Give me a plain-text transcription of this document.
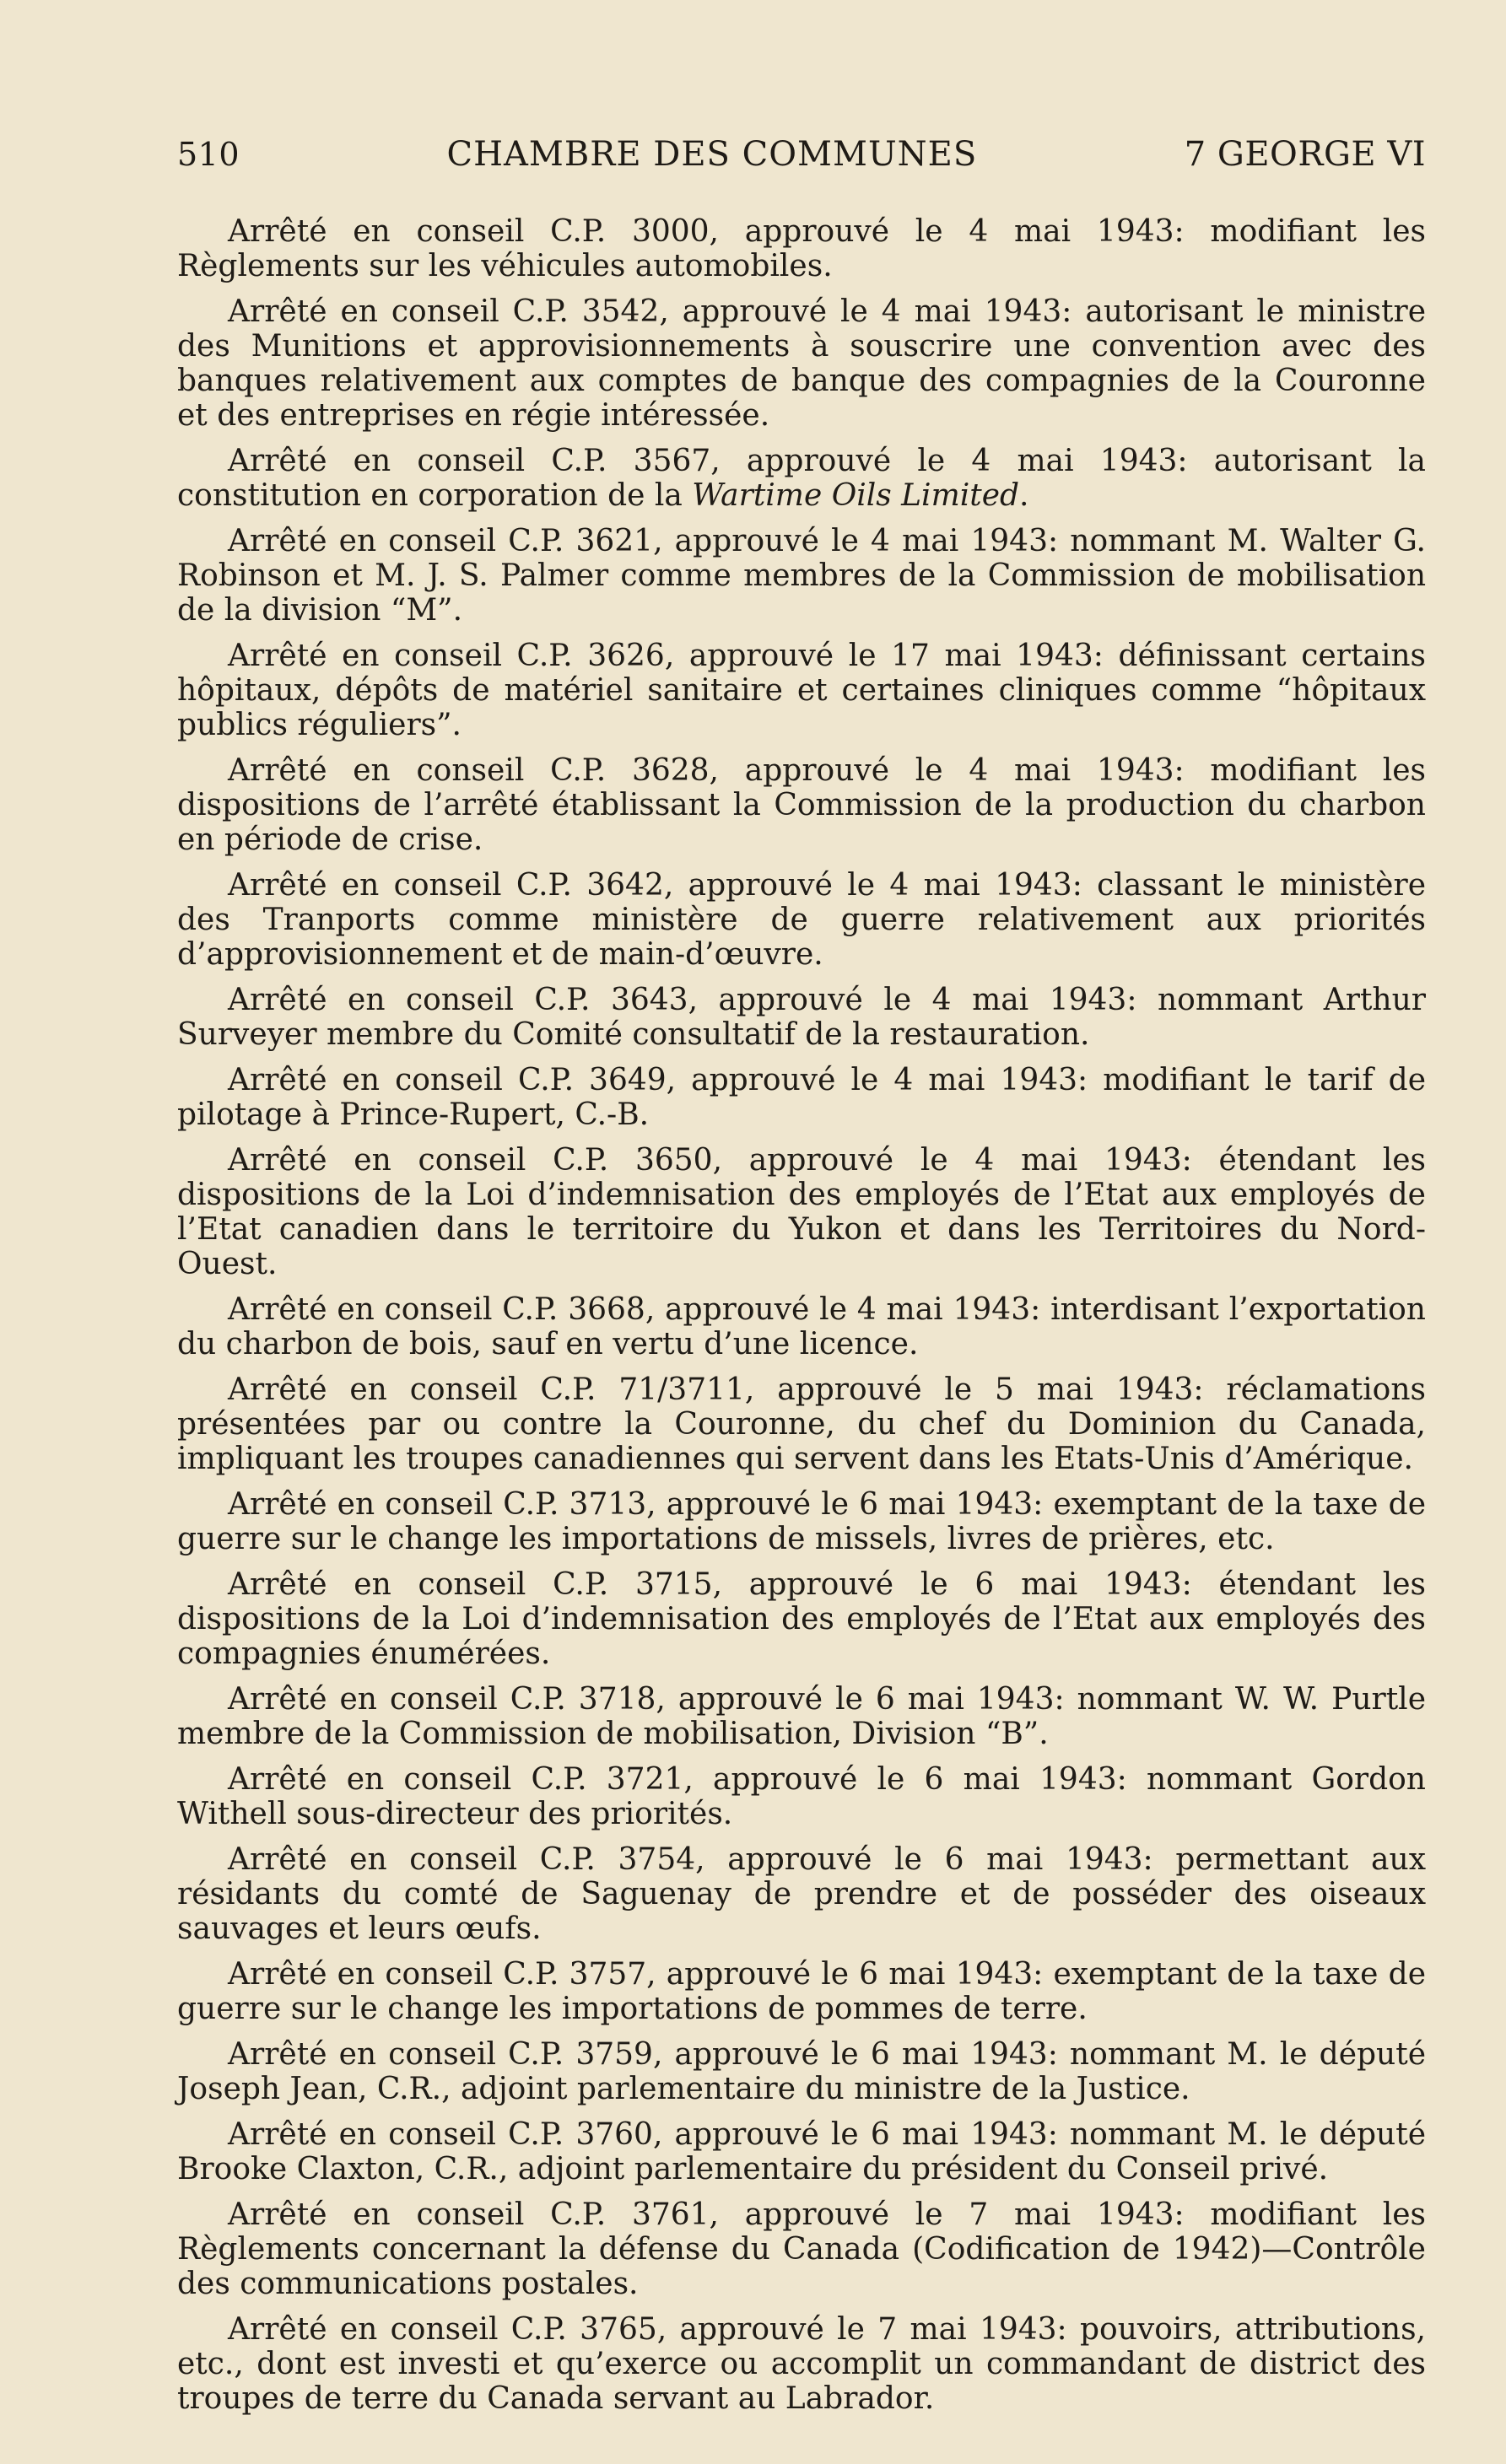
510	CHAMBRE DES COMMUNES	7 GEORGE VI

Arrêté en conseil C.P. 3000, approuvé le 4 mai 1943: modifiant les Règlements sur les véhicules automobiles.

Arrêté en conseil C.P. 3542, approuvé le 4 mai 1943: autorisant le ministre des Munitions et approvisionnements à souscrire une convention avec des banques relativement aux comptes de banque des compagnies de la Couronne et des entreprises en régie intéressée.

Arrêté en conseil C.P. 3567, approuvé le 4 mai 1943: autorisant la constitution en corporation de la Wartime Oils Limited.

Arrêté en conseil C.P. 3621, approuvé le 4 mai 1943: nommant M. Walter G. Robinson et M. J. S. Palmer comme membres de la Commission de mobilisation de la division “M”.

Arrêté en conseil C.P. 3626, approuvé le 17 mai 1943: définissant certains hôpitaux, dépôts de matériel sanitaire et certaines cliniques comme “hôpitaux publics réguliers”.

Arrêté en conseil C.P. 3628, approuvé le 4 mai 1943: modifiant les dispositions de l’arrêté établissant la Commission de la production du charbon en période de crise.

Arrêté en conseil C.P. 3642, approuvé le 4 mai 1943: classant le ministère des Tranports comme ministère de guerre relativement aux priorités d’approvisionnement et de main-d’œuvre.

Arrêté en conseil C.P. 3643, approuvé le 4 mai 1943: nommant Arthur Surveyer membre du Comité consultatif de la restauration.

Arrêté en conseil C.P. 3649, approuvé le 4 mai 1943: modifiant le tarif de pilotage à Prince-Rupert, C.-B.

Arrêté en conseil C.P. 3650, approuvé le 4 mai 1943: étendant les dispositions de la Loi d’indemnisation des employés de l’Etat aux employés de l’Etat canadien dans le territoire du Yukon et dans les Territoires du Nord-Ouest.

Arrêté en conseil C.P. 3668, approuvé le 4 mai 1943: interdisant l’exportation du charbon de bois, sauf en vertu d’une licence.

Arrêté en conseil C.P. 71/3711, approuvé le 5 mai 1943: réclamations présentées par ou contre la Couronne, du chef du Dominion du Canada, impliquant les troupes canadiennes qui servent dans les Etats-Unis d’Amérique.

Arrêté en conseil C.P. 3713, approuvé le 6 mai 1943: exemptant de la taxe de guerre sur le change les importations de missels, livres de prières, etc.

Arrêté en conseil C.P. 3715, approuvé le 6 mai 1943: étendant les dispositions de la Loi d’indemnisation des employés de l’Etat aux employés des compagnies énumérées.

Arrêté en conseil C.P. 3718, approuvé le 6 mai 1943: nommant W. W. Purtle membre de la Commission de mobilisation, Division “B”.

Arrêté en conseil C.P. 3721, approuvé le 6 mai 1943: nommant Gordon Withell sous-directeur des priorités.

Arrêté en conseil C.P. 3754, approuvé le 6 mai 1943: permettant aux résidants du comté de Saguenay de prendre et de posséder des oiseaux sauvages et leurs œufs.

Arrêté en conseil C.P. 3757, approuvé le 6 mai 1943: exemptant de la taxe de guerre sur le change les importations de pommes de terre.

Arrêté en conseil C.P. 3759, approuvé le 6 mai 1943: nommant M. le député Joseph Jean, C.R., adjoint parlementaire du ministre de la Justice.

Arrêté en conseil C.P. 3760, approuvé le 6 mai 1943: nommant M. le député Brooke Claxton, C.R., adjoint parlementaire du président du Conseil privé.

Arrêté en conseil C.P. 3761, approuvé le 7 mai 1943: modifiant les Règlements concernant la défense du Canada (Codification de 1942)—Contrôle des communications postales.

Arrêté en conseil C.P. 3765, approuvé le 7 mai 1943: pouvoirs, attributions, etc., dont est investi et qu’exerce ou accomplit un commandant de district des troupes de terre du Canada servant au Labrador.
